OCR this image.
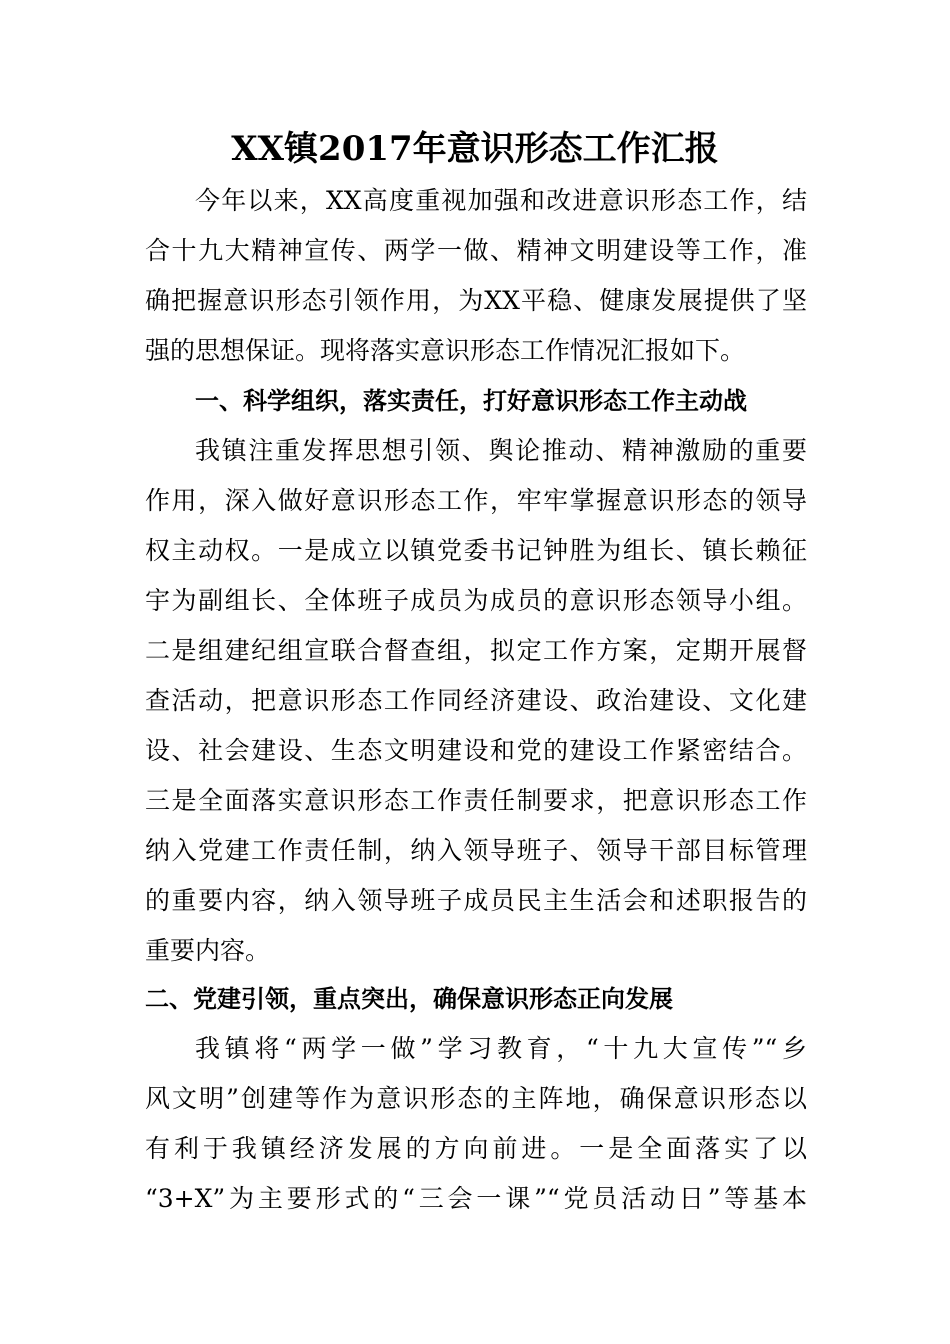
XX镇2017年意识形态工作汇报

今年以来，XX高度重视加强和改进意识形态工作，结

合十九大精神宣传、两学一做、精神文明建设等工作，准

确把握意识形态引领作用，为XX平稳、健康发展提供了坚

强的思想保证。现将落实意识形态工作情况汇报如下。

一、科学组织，落实责任，打好意识形态工作主动战

我镇注重发挥思想引领、舆论推动、精神激励的重要

作用，深入做好意识形态工作，牢牢掌握意识形态的领导

权主动权。一是成立以镇党委书记钟胜为组长、镇长赖征

宇为副组长、全体班子成员为成员的意识形态领导小组。

二是组建纪组宣联合督查组，拟定工作方案，定期开展督

查活动，把意识形态工作同经济建设、政治建设、文化建

设、社会建设、生态文明建设和党的建设工作紧密结合。

三是全面落实意识形态工作责任制要求，把意识形态工作

纳入党建工作责任制，纳入领导班子、领导干部目标管理

的重要内容，纳入领导班子成员民主生活会和述职报告的

重要内容。

二、党建引领，重点突出，确保意识形态正向发展

我镇将“两学一做”学习教育，“十九大宣传”“乡

风文明”创建等作为意识形态的主阵地，确保意识形态以

有利于我镇经济发展的方向前进。一是全面落实了以

“3+X”为主要形式的“三会一课”“党员活动日”等基本
